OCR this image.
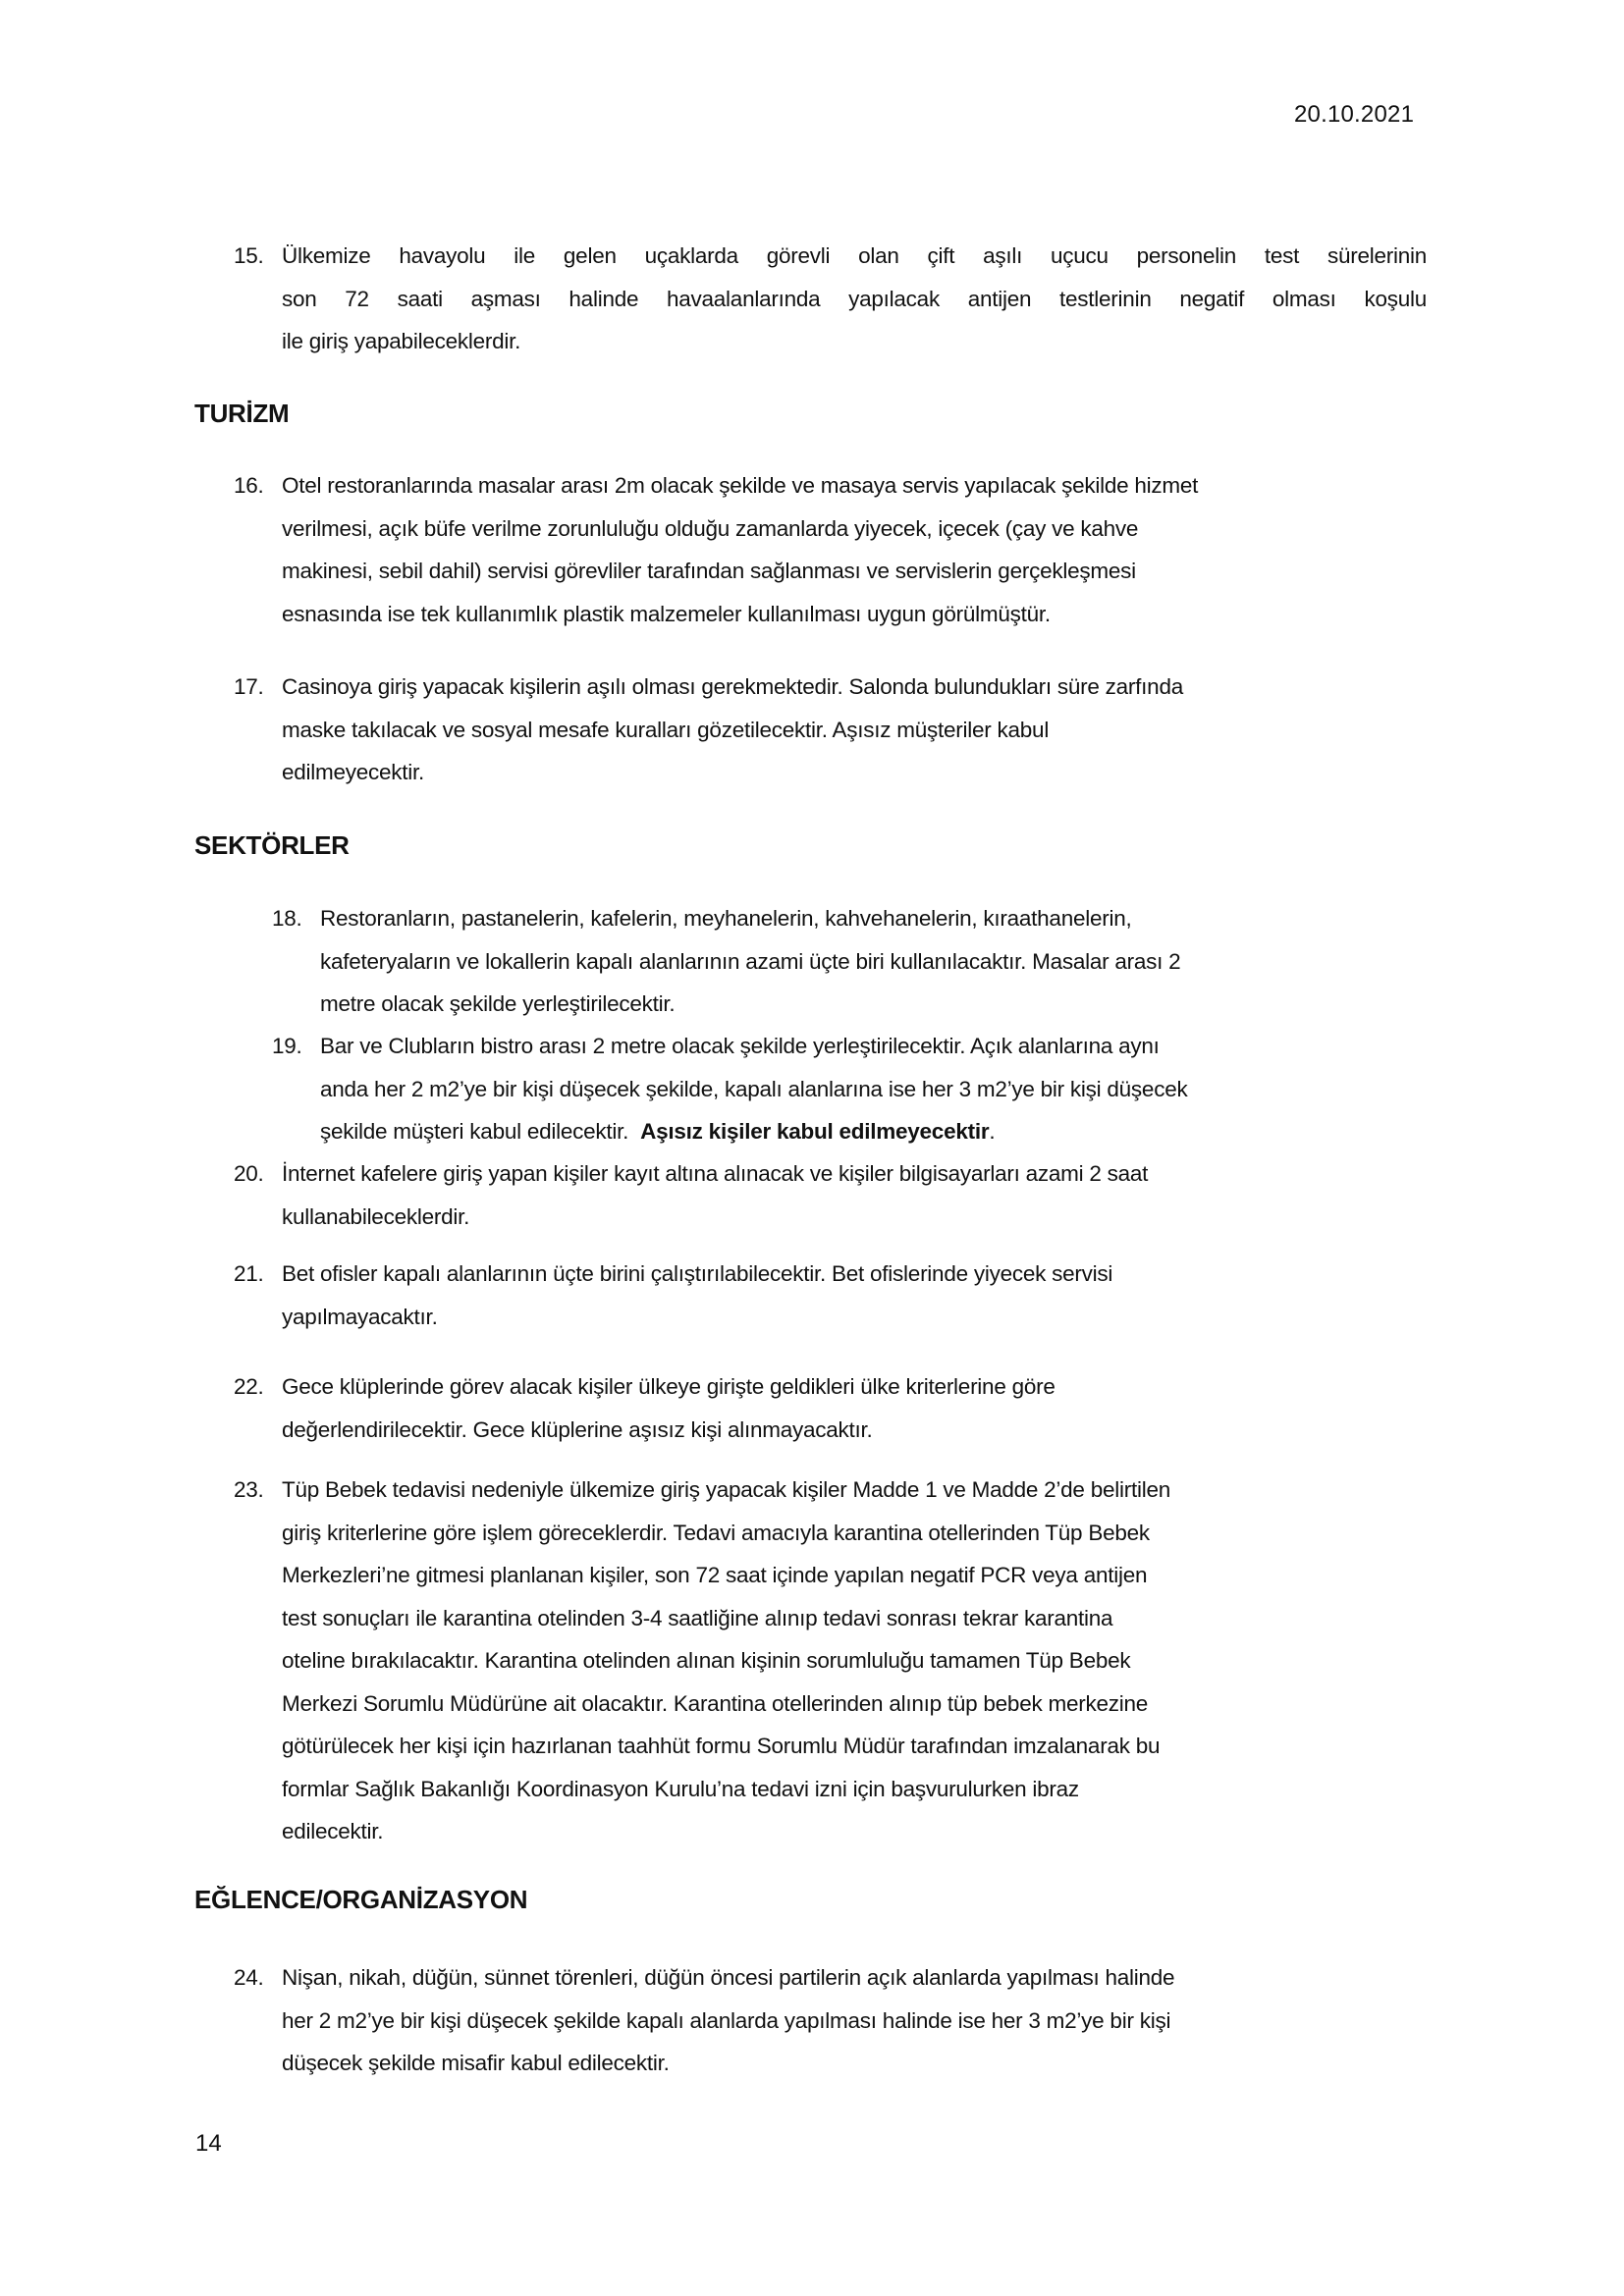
20.10.2021
15. Ülkemize havayolu ile gelen uçaklarda görevli olan çift aşılı uçucu personelin test sürelerinin
son 72 saati aşması halinde havaalanlarında yapılacak antijen testlerinin negatif olması koşulu
ile giriş yapabileceklerdir.
TURİZM
16. Otel restoranlarında masalar arası 2m olacak şekilde ve masaya servis yapılacak şekilde hizmet
verilmesi, açık büfe verilme zorunluluğu olduğu zamanlarda yiyecek, içecek (çay ve kahve
makinesi, sebil dahil) servisi görevliler tarafından sağlanması ve servislerin gerçekleşmesi
esnasında ise tek kullanımlık plastik malzemeler kullanılması uygun görülmüştür.
17. Casinoya giriş yapacak kişilerin aşılı olması gerekmektedir. Salonda bulundukları süre zarfında
maske takılacak ve sosyal mesafe kuralları gözetilecektir. Aşısız müşteriler kabul
edilmeyecektir.
SEKTÖRLER
18. Restoranların, pastanelerin, kafelerin, meyhanelerin, kahvehanelerin, kıraathanelerin,
kafeteryaların ve lokallerin kapalı alanlarının azami üçte biri kullanılacaktır. Masalar arası 2
metre olacak şekilde yerleştirilecektir.
19. Bar ve Clubların bistro arası 2 metre olacak şekilde yerleştirilecektir. Açık alanlarına aynı
anda her 2 m2’ye bir kişi düşecek şekilde, kapalı alanlarına ise her 3 m2’ye bir kişi düşecek
şekilde müşteri kabul edilecektir.  Aşısız kişiler kabul edilmeyecektir.
20. İnternet kafelere giriş yapan kişiler kayıt altına alınacak ve kişiler bilgisayarları azami 2 saat
kullanabileceklerdir.
21. Bet ofisler kapalı alanlarının üçte birini çalıştırılabilecektir. Bet ofislerinde yiyecek servisi
yapılmayacaktır.
22. Gece klüplerinde görev alacak kişiler ülkeye girişte geldikleri ülke kriterlerine göre
değerlendirilecektir. Gece klüplerine aşısız kişi alınmayacaktır.
23. Tüp Bebek tedavisi nedeniyle ülkemize giriş yapacak kişiler Madde 1 ve Madde 2’de belirtilen
giriş kriterlerine göre işlem göreceklerdir. Tedavi amacıyla karantina otellerinden Tüp Bebek
Merkezleri’ne gitmesi planlanan kişiler, son 72 saat içinde yapılan negatif PCR veya antijen
test sonuçları ile karantina otelinden 3-4 saatliğine alınıp tedavi sonrası tekrar karantina
oteline bırakılacaktır. Karantina otelinden alınan kişinin sorumluluğu tamamen Tüp Bebek
Merkezi Sorumlu Müdürüne ait olacaktır. Karantina otellerinden alınıp tüp bebek merkezine
götürülecek her kişi için hazırlanan taahhüt formu Sorumlu Müdür tarafından imzalanarak bu
formlar Sağlık Bakanlığı Koordinasyon Kurulu’na tedavi izni için başvurulurken ibraz
edilecektir.
EĞLENCE/ORGANİZASYON
24. Nişan, nikah, düğün, sünnet törenleri, düğün öncesi partilerin açık alanlarda yapılması halinde
her 2 m2’ye bir kişi düşecek şekilde kapalı alanlarda yapılması halinde ise her 3 m2’ye bir kişi
düşecek şekilde misafir kabul edilecektir.
14
